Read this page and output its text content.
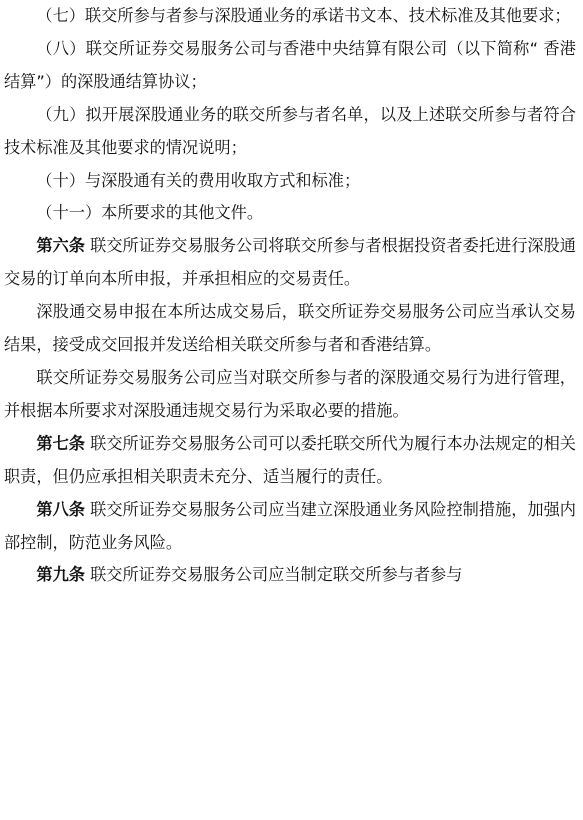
（七）联交所参与者参与深股通业务的承诺书文本、技术标准及其他要求；

（八）联交所证券交易服务公司与香港中央结算有限公司（以下简称“ 香港结算”）的深股通结算协议；

（九）拟开展深股通业务的联交所参与者名单，以及上述联交所参与者符合技术标准及其他要求的情况说明；

（十）与深股通有关的费用收取方式和标准；

（十一）本所要求的其他文件。

第六条 联交所证券交易服务公司将联交所参与者根据投资者委托进行深股通交易的订单向本所申报，并承担相应的交易责任。

深股通交易申报在本所达成交易后，联交所证券交易服务公司应当承认交易结果，接受成交回报并发送给相关联交所参与者和香港结算。

联交所证券交易服务公司应当对联交所参与者的深股通交易行为进行管理，并根据本所要求对深股通违规交易行为采取必要的措施。

第七条 联交所证券交易服务公司可以委托联交所代为履行本办法规定的相关职责，但仍应承担相关职责未充分、适当履行的责任。

第八条 联交所证券交易服务公司应当建立深股通业务风险控制措施，加强内部控制，防范业务风险。

第九条 联交所证券交易服务公司应当制定联交所参与者参与
